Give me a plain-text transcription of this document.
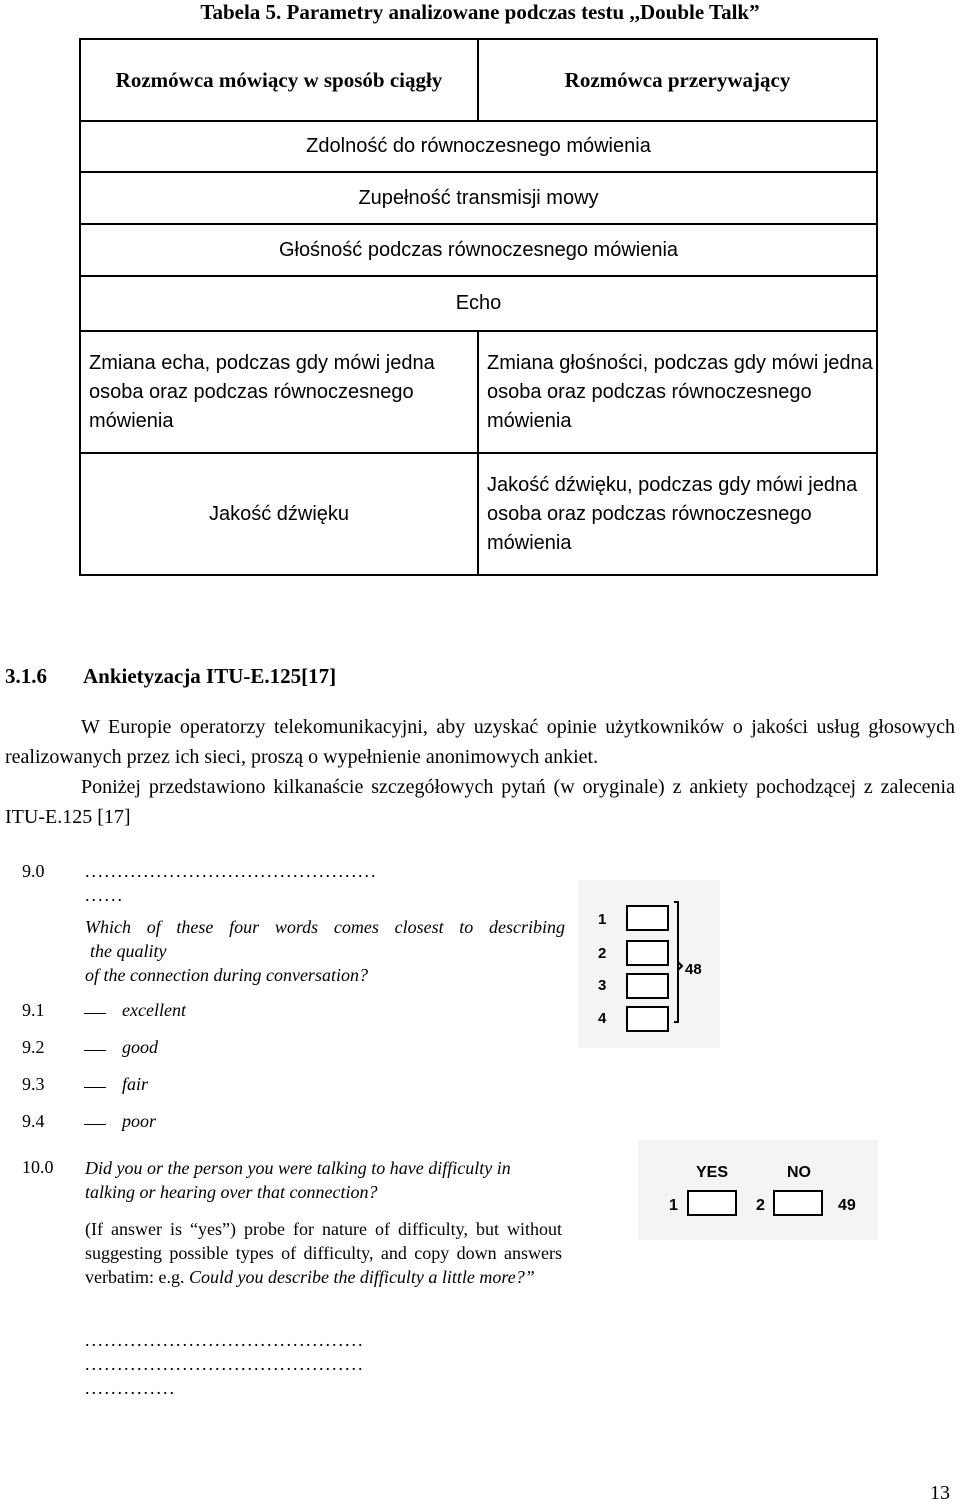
Tabela 5. Parametry analizowane podczas testu ,,Double Talk”
Rozmówca mówiący w sposób ciągły	Rozmówca przerywający
Zdolność do równoczesnego mówienia	
Zupełność transmisji mowy	
Głośność podczas równoczesnego mówienia	
Echo	
Zmiana echa, podczas gdy mówi jedna osoba oraz podczas równoczesnego mówienia	Zmiana głośności, podczas gdy mówi jedna osoba oraz podczas równoczesnego mówienia
Jakość dźwięku	Jakość dźwięku, podczas gdy mówi jedna osoba oraz podczas równoczesnego mówienia
3.1.6 Ankietyzacja ITU-E.125[17]

W Europie operatorzy telekomunikacyjni, aby uzyskać opinie użytkowników o jakości usług głosowych realizowanych przez ich sieci, proszą o wypełnienie anonimowych ankiet.

Poniżej przedstawiono kilkanaście szczegółowych pytań (w oryginale) z ankiety pochodzącej z zalecenia ITU-E.125 [17]

9.0 .............................................
......
Which of these four words comes closest to describing
the quality
of the connection during conversation?
9.1	excellent
9.2	good
9.3	fair
9.4	poor
1
2
3
4
48
10.0 Did you or the person you were talking to have difficulty in talking or hearing over that connection?
(If answer is “yes”) probe for nature of difficulty, but without suggesting possible types of difficulty, and copy down answers verbatim: e.g. Could you describe the difficulty a little more?”
...........................................
...........................................
..............
YES	NO
1	2	49
13
